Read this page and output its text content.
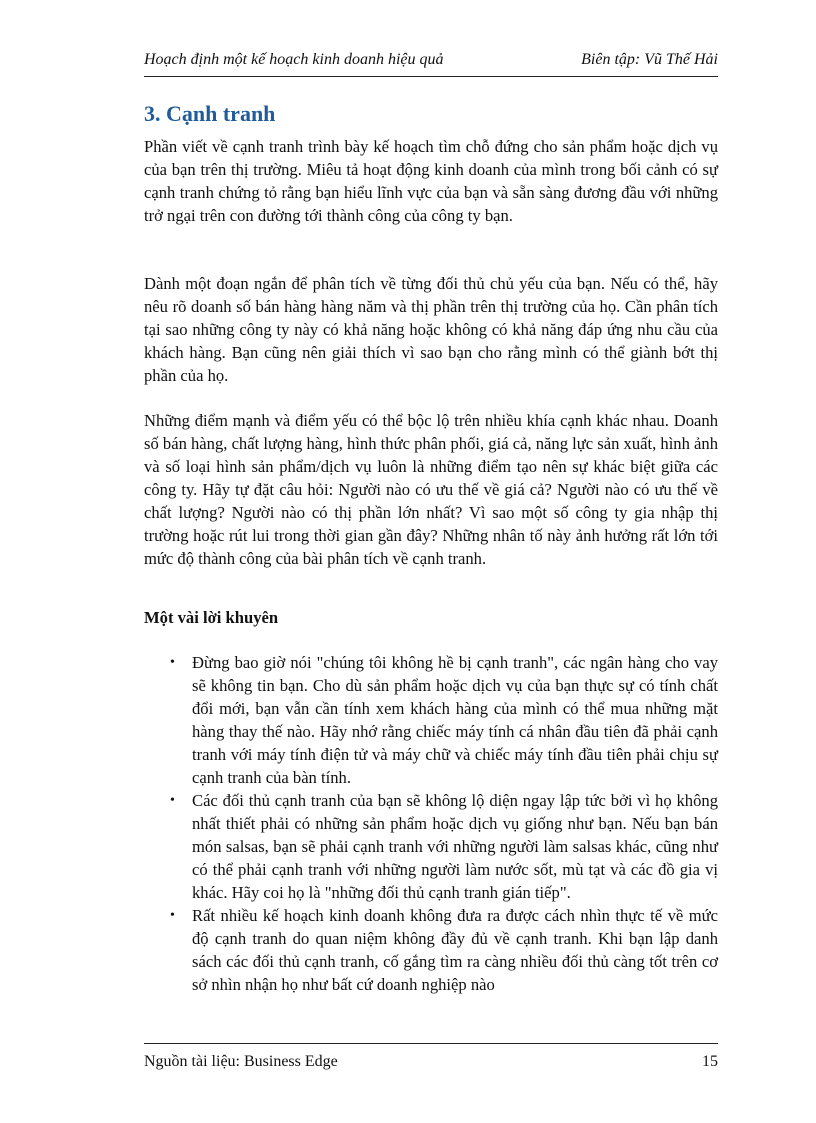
Hoạch định một kế hoạch kinh doanh hiệu quả	Biên tập: Vũ Thế Hải
3. Cạnh tranh

Phần viết về cạnh tranh trình bày kế hoạch tìm chỗ đứng cho sản phẩm hoặc dịch vụ của bạn trên thị trường. Miêu tả hoạt động kinh doanh của mình trong bối cảnh có sự cạnh tranh chứng tỏ rằng bạn hiểu lĩnh vực của bạn và sẵn sàng đương đầu với những trở ngại trên con đường tới thành công của công ty bạn.

Dành một đoạn ngắn để phân tích về từng đối thủ chủ yếu của bạn. Nếu có thể, hãy nêu rõ doanh số bán hàng hàng năm và thị phần trên thị trường của họ. Cần phân tích tại sao những công ty này có khả năng hoặc không có khả năng đáp ứng nhu cầu của khách hàng. Bạn cũng nên giải thích vì sao bạn cho rằng mình có thể giành bớt thị phần của họ.

Những điểm mạnh và điểm yếu có thể bộc lộ trên nhiều khía cạnh khác nhau. Doanh số bán hàng, chất lượng hàng, hình thức phân phối, giá cả, năng lực sản xuất, hình ảnh và số loại hình sản phẩm/dịch vụ luôn là những điểm tạo nên sự khác biệt giữa các công ty. Hãy tự đặt câu hỏi: Người nào có ưu thế về giá cả? Người nào có ưu thế về chất lượng? Người nào có thị phần lớn nhất? Vì sao một số công ty gia nhập thị trường hoặc rút lui trong thời gian gần đây? Những nhân tố này ảnh hưởng rất lớn tới mức độ thành công của bài phân tích về cạnh tranh.

Một vài lời khuyên
• Đừng bao giờ nói "chúng tôi không hề bị cạnh tranh", các ngân hàng cho vay sẽ không tin bạn. Cho dù sản phẩm hoặc dịch vụ của bạn thực sự có tính chất đổi mới, bạn vẫn cần tính xem khách hàng của mình có thể mua những mặt hàng thay thế nào. Hãy nhớ rằng chiếc máy tính cá nhân đầu tiên đã phải cạnh tranh với máy tính điện tử và máy chữ và chiếc máy tính đầu tiên phải chịu sự cạnh tranh của bàn tính.
• Các đối thủ cạnh tranh của bạn sẽ không lộ diện ngay lập tức bởi vì họ không nhất thiết phải có những sản phẩm hoặc dịch vụ giống như bạn. Nếu bạn bán món salsas, bạn sẽ phải cạnh tranh với những người làm salsas khác, cũng như có thể phải cạnh tranh với những người làm nước sốt, mù tạt và các đồ gia vị khác. Hãy coi họ là "những đối thủ cạnh tranh gián tiếp".
• Rất nhiều kế hoạch kinh doanh không đưa ra được cách nhìn thực tế về mức độ cạnh tranh do quan niệm không đầy đủ về cạnh tranh. Khi bạn lập danh sách các đối thủ cạnh tranh, cố gắng tìm ra càng nhiều đối thủ càng tốt trên cơ sở nhìn nhận họ như bất cứ doanh nghiệp nào
Nguồn tài liệu: Business Edge	15
